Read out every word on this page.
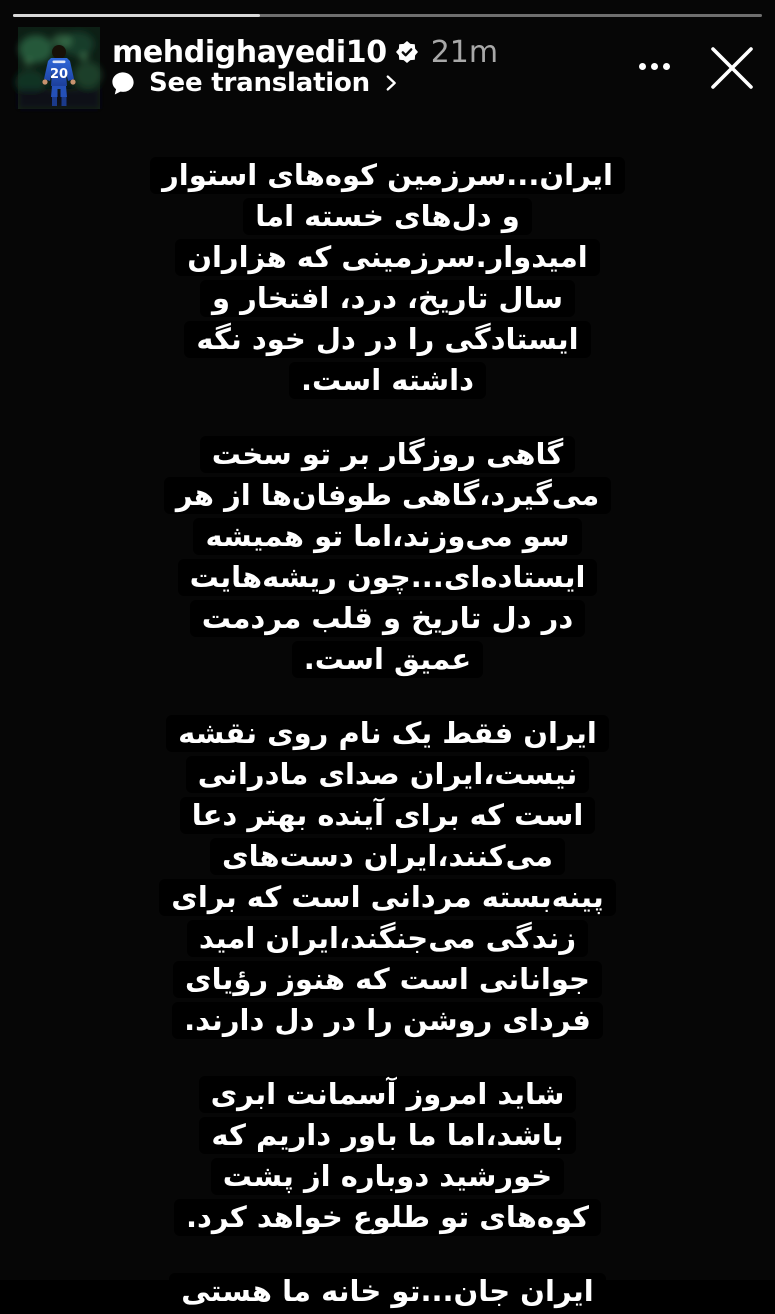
20
mehdighayedi10 21m
See translation
ایران...سرزمین کوه‌های استوار
و دل‌های خسته اما
امیدوار.سرزمینی که هزاران
سال تاریخ، درد، افتخار و
ایستادگی را در دل خود نگه
داشته است.
گاهی روزگار بر تو سخت
می‌گیرد،گاهی طوفان‌ها از هر
سو می‌وزند،اما تو همیشه
ایستاده‌ای...چون ریشه‌هایت
در دل تاریخ و قلب مردمت
عمیق است.
ایران فقط یک نام روی نقشه
نیست،ایران صدای مادرانی
است که برای آینده بهتر دعا
می‌کنند،ایران دست‌های
پینه‌بسته مردانی است که برای
زندگی می‌جنگند،ایران امید
جوانانی است که هنوز رؤیای
فردای روشن را در دل دارند.
شاید امروز آسمانت ابری
باشد،اما ما باور داریم که
خورشید دوباره از پشت
کوه‌های تو طلوع خواهد کرد.
ایران جان...تو خانه ما هستی
